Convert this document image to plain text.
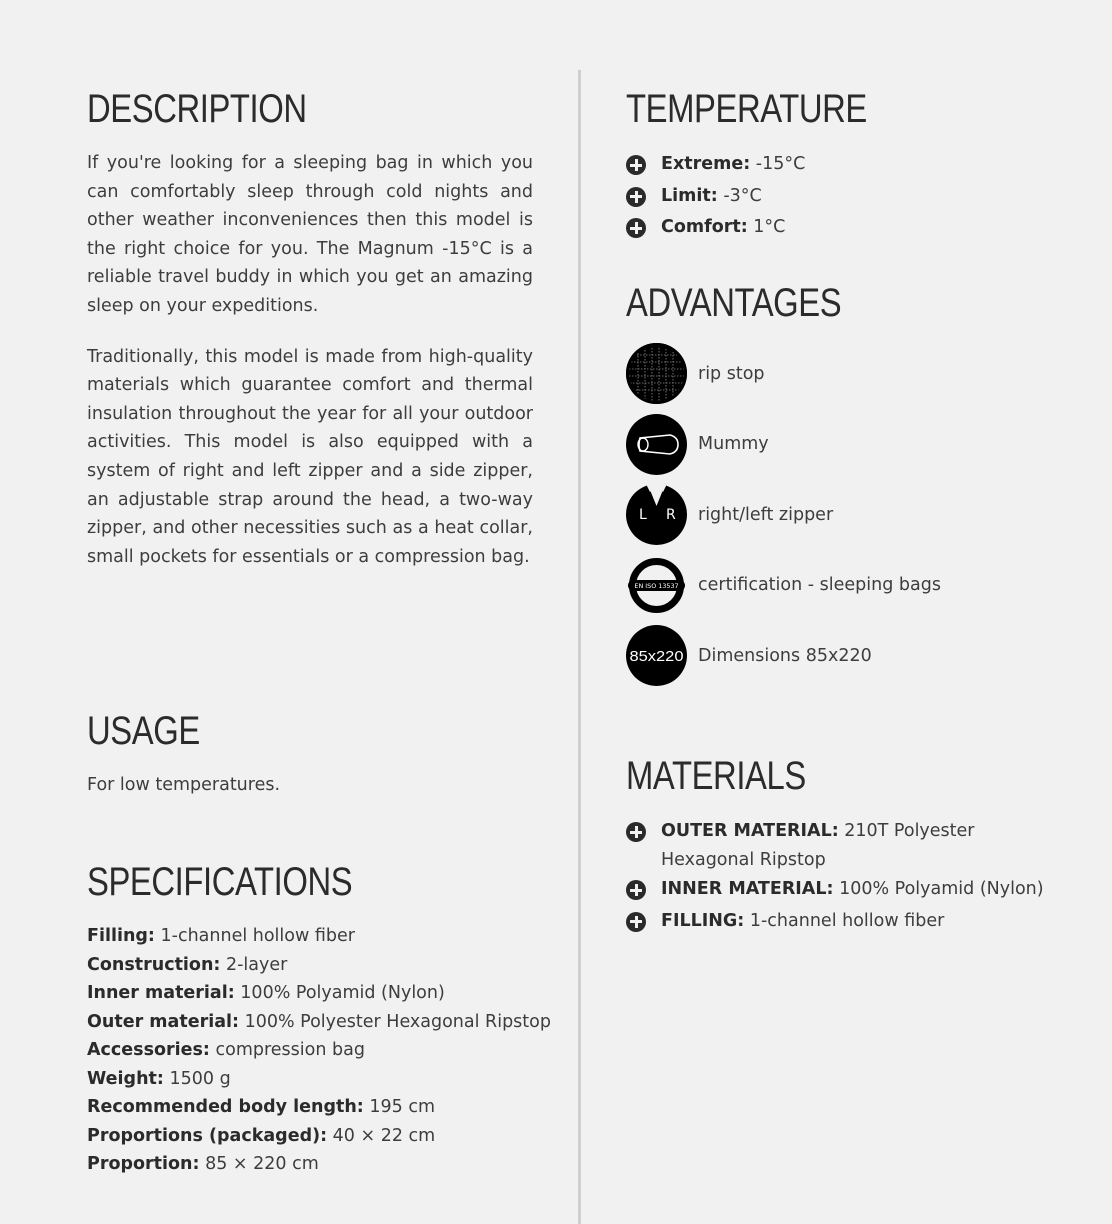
DESCRIPTION

If you're looking for a sleeping bag in which you can comfortably sleep through cold nights and other weather inconveniences then this model is the right choice for you. The Magnum -15°C is a reliable travel buddy in which you get an amazing sleep on your expeditions.

Traditionally, this model is made from high-quality materials which guarantee comfort and thermal insulation throughout the year for all your outdoor activities. This model is also equipped with a system of right and left zipper and a side zipper, an adjustable strap around the head, a two-way zipper, and other necessities such as a heat collar, small pockets for essentials or a compression bag.

USAGE
For low temperatures.
SPECIFICATIONS
Filling: 1-channel hollow fiber
Construction: 2-layer
Inner material: 100% Polyamid (Nylon)
Outer material: 100% Polyester Hexagonal Ripstop
Accessories: compression bag
Weight: 1500 g
Recommended body length: 195 cm
Proportions (packaged): 40 × 22 cm
Proportion: 85 × 220 cm
TEMPERATURE
Extreme: -15°C
Limit: -3°C
Comfort: 1°C
ADVANTAGES
rip stop
Mummy
L R right/left zipper
EN ISO 13537 certification - sleeping bags
85x220 Dimensions 85x220
MATERIALS
OUTER MATERIAL: 210T Polyester Hexagonal Ripstop
INNER MATERIAL: 100% Polyamid (Nylon)
FILLING: 1-channel hollow fiber
